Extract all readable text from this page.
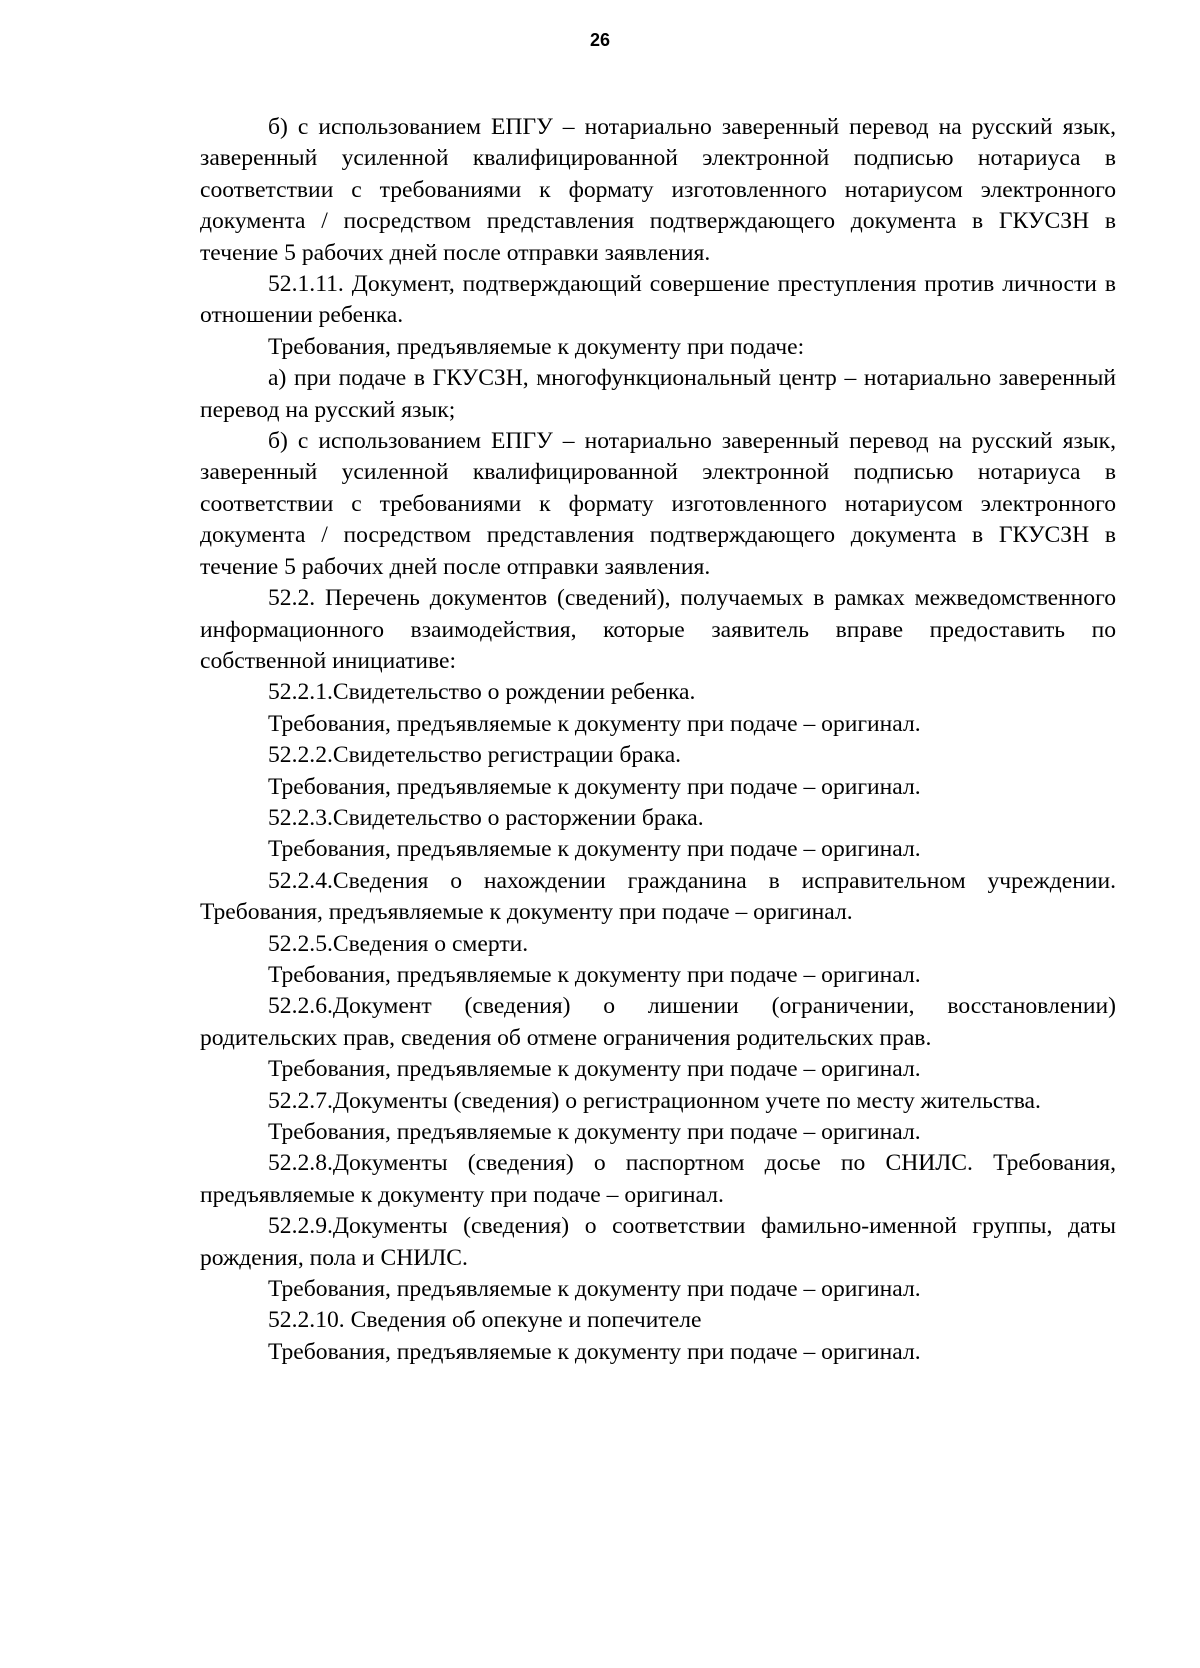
26

б) с использованием ЕПГУ – нотариально заверенный перевод на русский язык, заверенный усиленной квалифицированной электронной подписью нотариуса в соответствии с требованиями к формату изготовленного нотариусом электронного документа / посредством представления подтверждающего документа в ГКУСЗН в течение 5 рабочих дней после отправки заявления.

52.1.11. Документ, подтверждающий совершение преступления против личности в отношении ребенка.

Требования, предъявляемые к документу при подаче:

а) при подаче в ГКУСЗН, многофункциональный центр – нотариально заверенный перевод на русский язык;

б) с использованием ЕПГУ – нотариально заверенный перевод на русский язык, заверенный усиленной квалифицированной электронной подписью нотариуса в соответствии с требованиями к формату изготовленного нотариусом электронного документа / посредством представления подтверждающего документа в ГКУСЗН в течение 5 рабочих дней после отправки заявления.

52.2. Перечень документов (сведений), получаемых в рамках межведомственного информационного взаимодействия, которые заявитель вправе предоставить по собственной инициативе:

52.2.1.Свидетельство о рождении ребенка.

Требования, предъявляемые к документу при подаче – оригинал.

52.2.2.Свидетельство регистрации брака.

Требования, предъявляемые к документу при подаче – оригинал.

52.2.3.Свидетельство о расторжении брака.

Требования, предъявляемые к документу при подаче – оригинал.

52.2.4.Сведения о нахождении гражданина в исправительном учреждении. Требования, предъявляемые к документу при подаче – оригинал.

52.2.5.Сведения о смерти.

Требования, предъявляемые к документу при подаче – оригинал.

52.2.6.Документ (сведения) о лишении (ограничении, восстановлении) родительских прав, сведения об отмене ограничения родительских прав.

Требования, предъявляемые к документу при подаче – оригинал.

52.2.7.Документы (сведения) о регистрационном учете по месту жительства.

Требования, предъявляемые к документу при подаче – оригинал.

52.2.8.Документы (сведения) о паспортном досье по СНИЛС. Требования, предъявляемые к документу при подаче – оригинал.

52.2.9.Документы (сведения) о соответствии фамильно-именной группы, даты рождения, пола и СНИЛС.

Требования, предъявляемые к документу при подаче – оригинал.

52.2.10. Сведения об опекуне и попечителе

Требования, предъявляемые к документу при подаче – оригинал.
